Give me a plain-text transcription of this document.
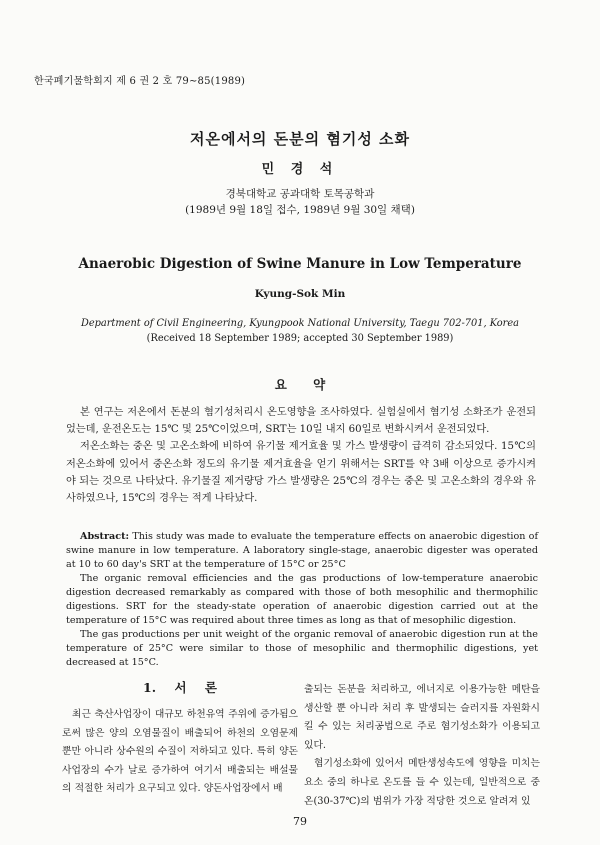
한국폐기물학회지 제 6 권 2 호 79∼85(1989)
저온에서의 돈분의 혐기성 소화
민 경 석
경북대학교 공과대학 토목공학과
(1989년 9월 18일 접수, 1989년 9월 30일 채택)
Anaerobic Digestion of Swine Manure in Low Temperature
Kyung-Sok Min
Department of Civil Engineering, Kyungpook National University, Taegu 702-701, Korea
(Received 18 September 1989; accepted 30 September 1989)
요 약

본 연구는 저온에서 돈분의 혐기성처리시 온도영향을 조사하였다. 실험실에서 혐기성 소화조가 운전되었는데, 운전온도는 15℃ 및 25℃이었으며, SRT는 10일 내지 60일로 변화시켜서 운전되었다.

저온소화는 중온 및 고온소화에 비하여 유기물 제거효율 및 가스 발생량이 급격히 감소되었다. 15℃의 저온소화에 있어서 중온소화 정도의 유기물 제거효율을 얻기 위해서는 SRT를 약 3배 이상으로 증가시켜야 되는 것으로 나타났다. 유기물질 제거량당 가스 발생량은 25℃의 경우는 중온 및 고온소화의 경우와 유사하였으나, 15℃의 경우는 적게 나타났다.

Abstract: This study was made to evaluate the temperature effects on anaerobic digestion of swine manure in low temperature. A laboratory single-stage, anaerobic digester was operated at 10 to 60 day's SRT at the temperature of 15°C or 25°C

The organic removal efficiencies and the gas productions of low-temperature anaerobic digestion decreased remarkably as compared with those of both mesophilic and thermophilic digestions. SRT for the steady-state operation of anaerobic digestion carried out at the temperature of 15°C was required about three times as long as that of mesophilic digestion.

The gas productions per unit weight of the organic removal of anaerobic digestion run at the temperature of 25°C were similar to those of mesophilic and thermophilic digestions, yet decreased at 15°C.

1. 서 론

최근 축산사업장이 대규모 하천유역 주위에 증가됨으로써 많은 양의 오염물질이 배출되어 하천의 오염문제뿐만 아니라 상수원의 수질이 저하되고 있다. 특히 양돈사업장의 수가 날로 증가하여 여기서 배출되는 배설물의 적절한 처리가 요구되고 있다. 양돈사업장에서 배

출되는 돈분을 처리하고, 에너지로 이용가능한 메탄을 생산할 뿐 아니라 처리 후 발생되는 슬러지를 자원화시킬 수 있는 처리공법으로 주로 혐기성소화가 이용되고 있다.

혐기성소화에 있어서 메탄생성속도에 영향을 미치는 요소 중의 하나로 온도를 들 수 있는데, 일반적으로 중온(30-37℃)의 범위가 가장 적당한 것으로 알려져 있

79
